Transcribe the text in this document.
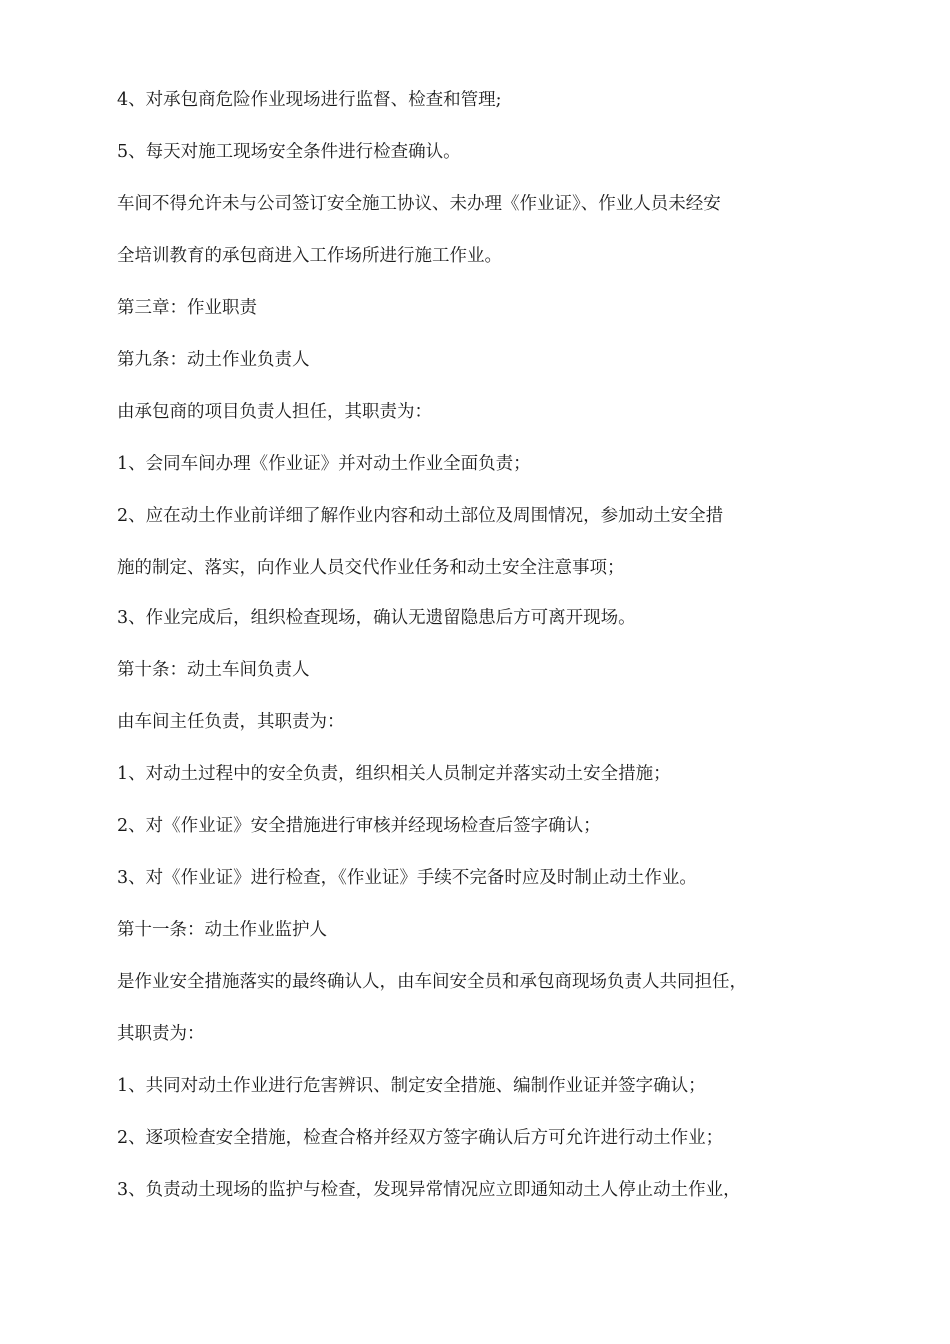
4、对承包商危险作业现场进行监督、检查和管理;

5、每天对施工现场安全条件进行检查确认。

车间不得允许未与公司签订安全施工协议、未办理《作业证》、作业人员未经安

全培训教育的承包商进入工作场所进行施工作业。

第三章：作业职责

第九条：动土作业负责人

由承包商的项目负责人担任，其职责为：

1、会同车间办理《作业证》并对动土作业全面负责；

2、应在动土作业前详细了解作业内容和动土部位及周围情况，参加动土安全措

施的制定、落实，向作业人员交代作业任务和动土安全注意事项；

3、作业完成后，组织检查现场，确认无遗留隐患后方可离开现场。

第十条：动土车间负责人

由车间主任负责，其职责为：

1、对动土过程中的安全负责，组织相关人员制定并落实动土安全措施；

2、对《作业证》安全措施进行审核并经现场检查后签字确认；

3、对《作业证》进行检查，《作业证》手续不完备时应及时制止动土作业。

第十一条：动土作业监护人

是作业安全措施落实的最终确认人，由车间安全员和承包商现场负责人共同担任，

其职责为：

1、共同对动土作业进行危害辨识、制定安全措施、编制作业证并签字确认；

2、逐项检查安全措施，检查合格并经双方签字确认后方可允许进行动土作业；

3、负责动土现场的监护与检查，发现异常情况应立即通知动土人停止动土作业，
